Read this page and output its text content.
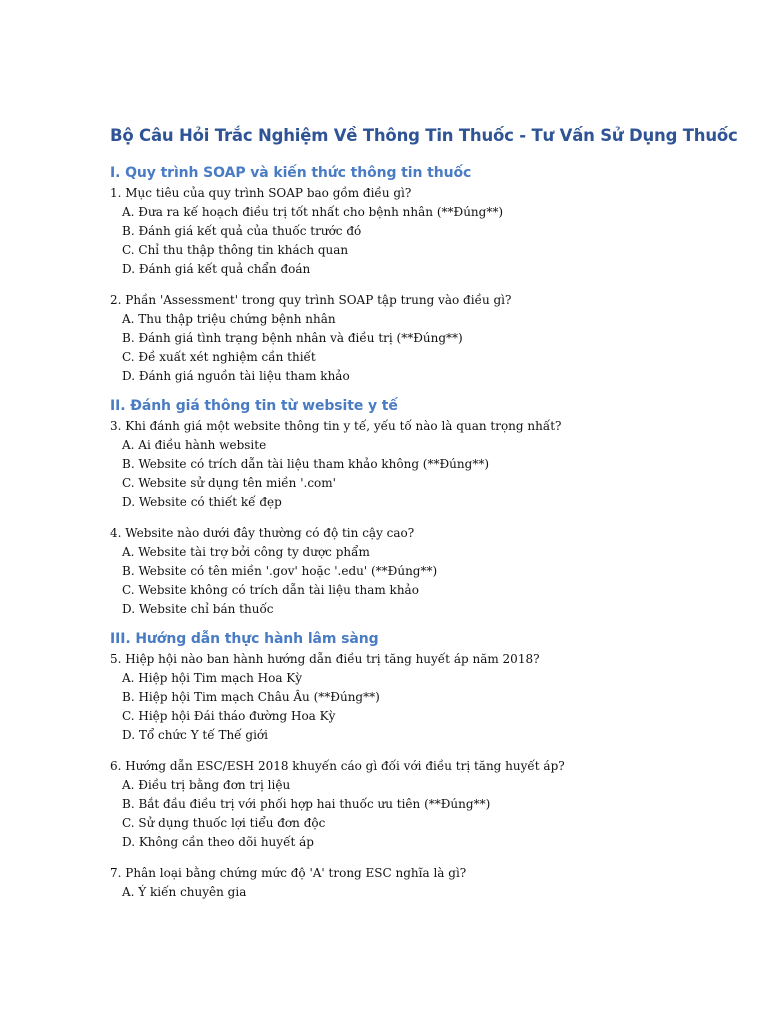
Bộ Câu Hỏi Trắc Nghiệm Về Thông Tin Thuốc - Tư Vấn Sử Dụng Thuốc
I. Quy trình SOAP và kiến thức thông tin thuốc

1. Mục tiêu của quy trình SOAP bao gồm điều gì?

A. Đưa ra kế hoạch điều trị tốt nhất cho bệnh nhân (**Đúng**)

B. Đánh giá kết quả của thuốc trước đó

C. Chỉ thu thập thông tin khách quan

D. Đánh giá kết quả chẩn đoán

2. Phần 'Assessment' trong quy trình SOAP tập trung vào điều gì?

A. Thu thập triệu chứng bệnh nhân

B. Đánh giá tình trạng bệnh nhân và điều trị (**Đúng**)

C. Đề xuất xét nghiệm cần thiết

D. Đánh giá nguồn tài liệu tham khảo

II. Đánh giá thông tin từ website y tế

3. Khi đánh giá một website thông tin y tế, yếu tố nào là quan trọng nhất?

A. Ai điều hành website

B. Website có trích dẫn tài liệu tham khảo không (**Đúng**)

C. Website sử dụng tên miền '.com'

D. Website có thiết kế đẹp

4. Website nào dưới đây thường có độ tin cậy cao?

A. Website tài trợ bởi công ty dược phẩm

B. Website có tên miền '.gov' hoặc '.edu' (**Đúng**)

C. Website không có trích dẫn tài liệu tham khảo

D. Website chỉ bán thuốc

III. Hướng dẫn thực hành lâm sàng

5. Hiệp hội nào ban hành hướng dẫn điều trị tăng huyết áp năm 2018?

A. Hiệp hội Tim mạch Hoa Kỳ

B. Hiệp hội Tim mạch Châu Âu (**Đúng**)

C. Hiệp hội Đái tháo đường Hoa Kỳ

D. Tổ chức Y tế Thế giới

6. Hướng dẫn ESC/ESH 2018 khuyến cáo gì đối với điều trị tăng huyết áp?

A. Điều trị bằng đơn trị liệu

B. Bắt đầu điều trị với phối hợp hai thuốc ưu tiên (**Đúng**)

C. Sử dụng thuốc lợi tiểu đơn độc

D. Không cần theo dõi huyết áp

7. Phân loại bằng chứng mức độ 'A' trong ESC nghĩa là gì?

A. Ý kiến chuyên gia
